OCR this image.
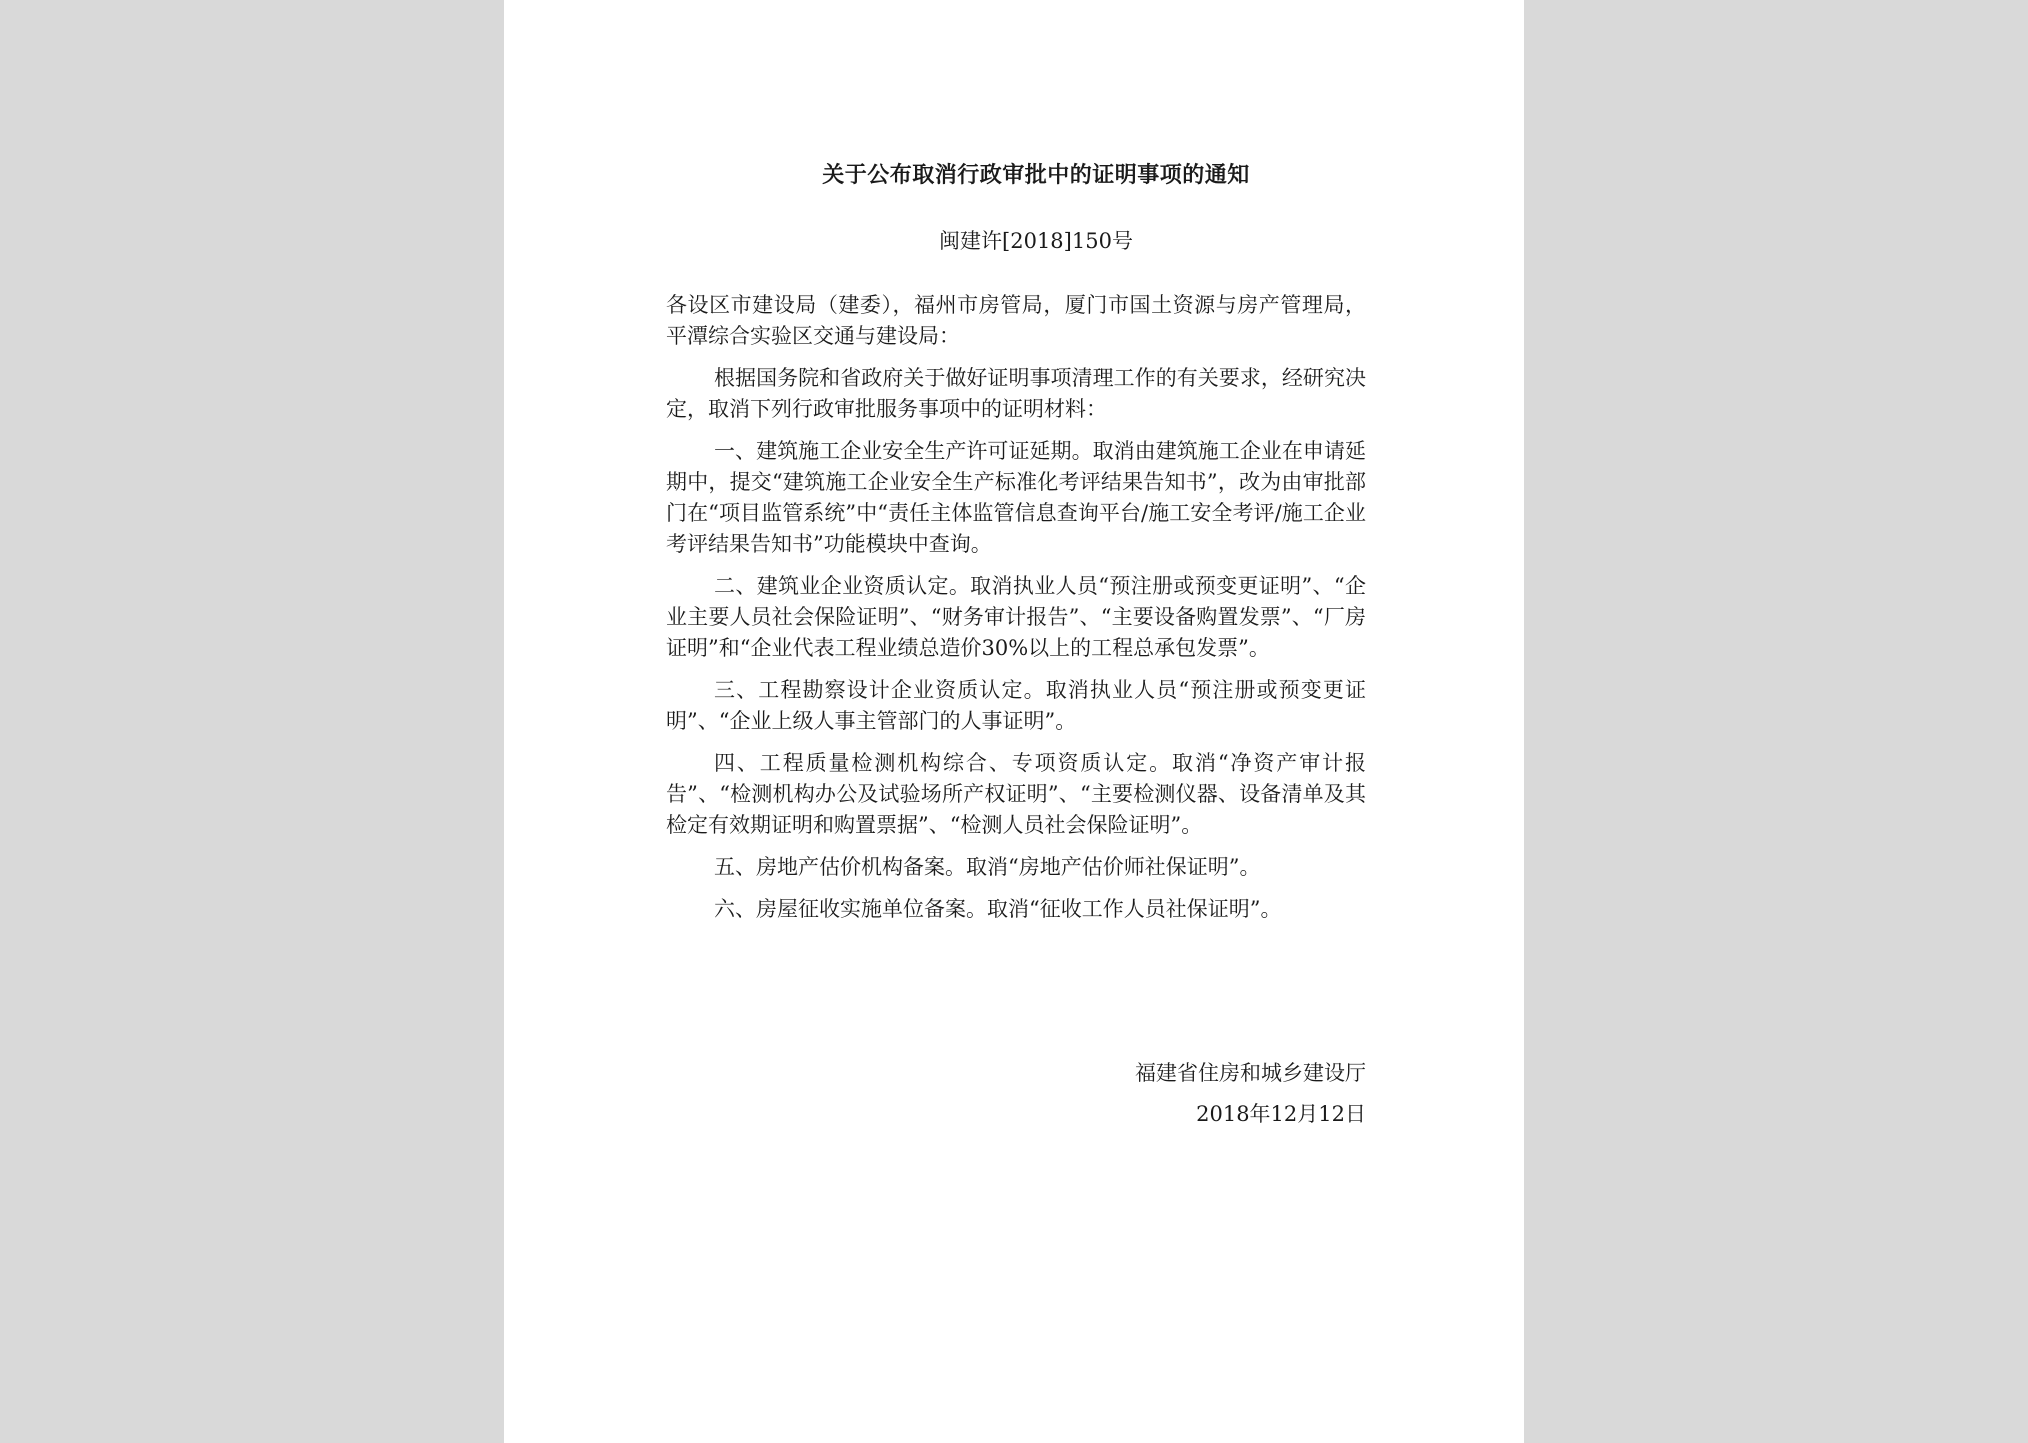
关于公布取消行政审批中的证明事项的通知
闽建许[2018]150号

各设区市建设局（建委），福州市房管局，厦门市国土资源与房产管理局，平潭综合实验区交通与建设局：

根据国务院和省政府关于做好证明事项清理工作的有关要求，经研究决定，取消下列行政审批服务事项中的证明材料：

一、建筑施工企业安全生产许可证延期。取消由建筑施工企业在申请延期中，提交“建筑施工企业安全生产标准化考评结果告知书”，改为由审批部门在“项目监管系统”中“责任主体监管信息查询平台/施工安全考评/施工企业考评结果告知书”功能模块中查询。

二、建筑业企业资质认定。取消执业人员“预注册或预变更证明”、“企业主要人员社会保险证明”、“财务审计报告”、“主要设备购置发票”、“厂房证明”和“企业代表工程业绩总造价30%以上的工程总承包发票”。

三、工程勘察设计企业资质认定。取消执业人员“预注册或预变更证明”、“企业上级人事主管部门的人事证明”。

四、工程质量检测机构综合、专项资质认定。取消“净资产审计报告”、“检测机构办公及试验场所产权证明”、“主要检测仪器、设备清单及其检定有效期证明和购置票据”、“检测人员社会保险证明”。

五、房地产估价机构备案。取消“房地产估价师社保证明”。

六、房屋征收实施单位备案。取消“征收工作人员社保证明”。

福建省住房和城乡建设厅
2018年12月12日
